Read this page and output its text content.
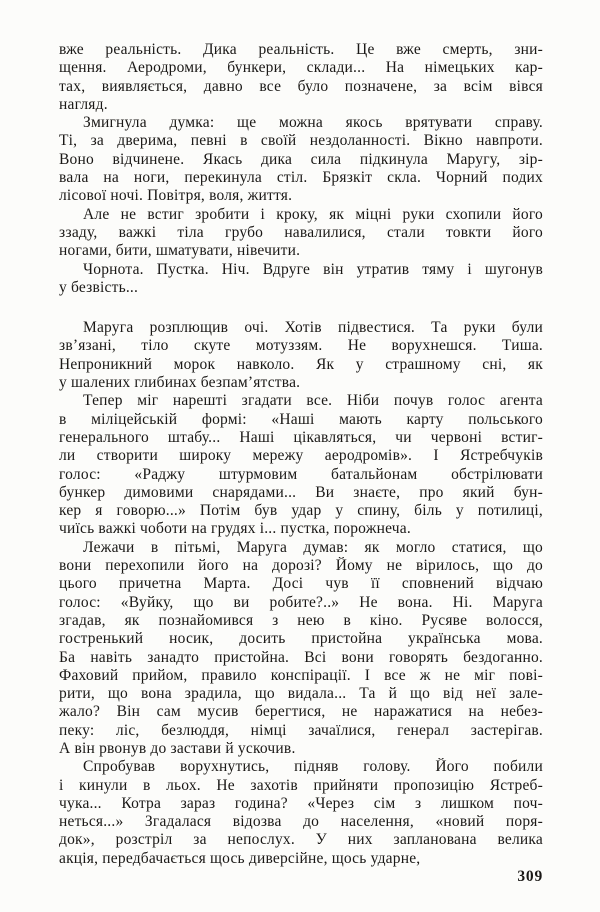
вже реальність. Дика реальність. Це вже смерть, зни-
щення. Аеродроми, бункери, склади... На німецьких кар-
тах, виявляється, давно все було позначене, за всім вівся
нагляд.
Змигнула думка: ще можна якось врятувати справу.
Ті, за дверима, певні в своїй нездоланності. Вікно навпроти.
Воно відчинене. Якась дика сила підкинула Маругу, зір-
вала на ноги, перекинула стіл. Брязкіт скла. Чорний подих
лісової ночі. Повітря, воля, життя.
Але не встиг зробити і кроку, як міцні руки схопили його
ззаду, важкі тіла грубо навалилися, стали товкти його
ногами, бити, шматувати, нівечити.
Чорнота. Пустка. Ніч. Вдруге він утратив тяму і шугонув
у безвість...
Маруга розплющив очі. Хотів підвестися. Та руки були
зв’язані, тіло скуте мотуззям. Не ворухнешся. Тиша.
Непроникний морок навколо. Як у страшному сні, як
у шалених глибинах безпам’ятства.
Тепер міг нарешті згадати все. Ніби почув голос агента
в міліцейській формі: «Наші мають карту польського
генерального штабу... Наші цікавляться, чи червоні встиг-
ли створити широку мережу аеродромів». І Ястребчуків
голос: «Раджу штурмовим батальйонам обстрілювати
бункер димовими снарядами... Ви знаєте, про який бун-
кер я говорю...» Потім був удар у спину, біль у потилиці,
чиїсь важкі чоботи на грудях і... пустка, порожнеча.
Лежачи в пітьмі, Маруга думав: як могло статися, що
вони перехопили його на дорозі? Йому не вірилось, що до
цього причетна Марта. Досі чув її сповнений відчаю
голос: «Вуйку, що ви робите?..» Не вона. Ні. Маруга
згадав, як познайомився з нею в кіно. Русяве волосся,
гостренький носик, досить пристойна українська мова.
Ба навіть занадто пристойна. Всі вони говорять бездоганно.
Фаховий прийом, правило конспірації. І все ж не міг пові-
рити, що вона зрадила, що видала... Та й що від неї зале-
жало? Він сам мусив берегтися, не наражатися на небез-
пеку: ліс, безлюддя, німці зачаїлися, генерал застерігав.
А він рвонув до застави й ускочив.
Спробував ворухнутись, підняв голову. Його побили
і кинули в льох. Не захотів прийняти пропозицію Ястреб-
чука... Котра зараз година? «Через сім з лишком поч-
неться...» Згадалася відозва до населення, «новий поря-
док», розстріл за непослух. У них запланована велика
акція, передбачається щось диверсійне, щось ударне,
309
